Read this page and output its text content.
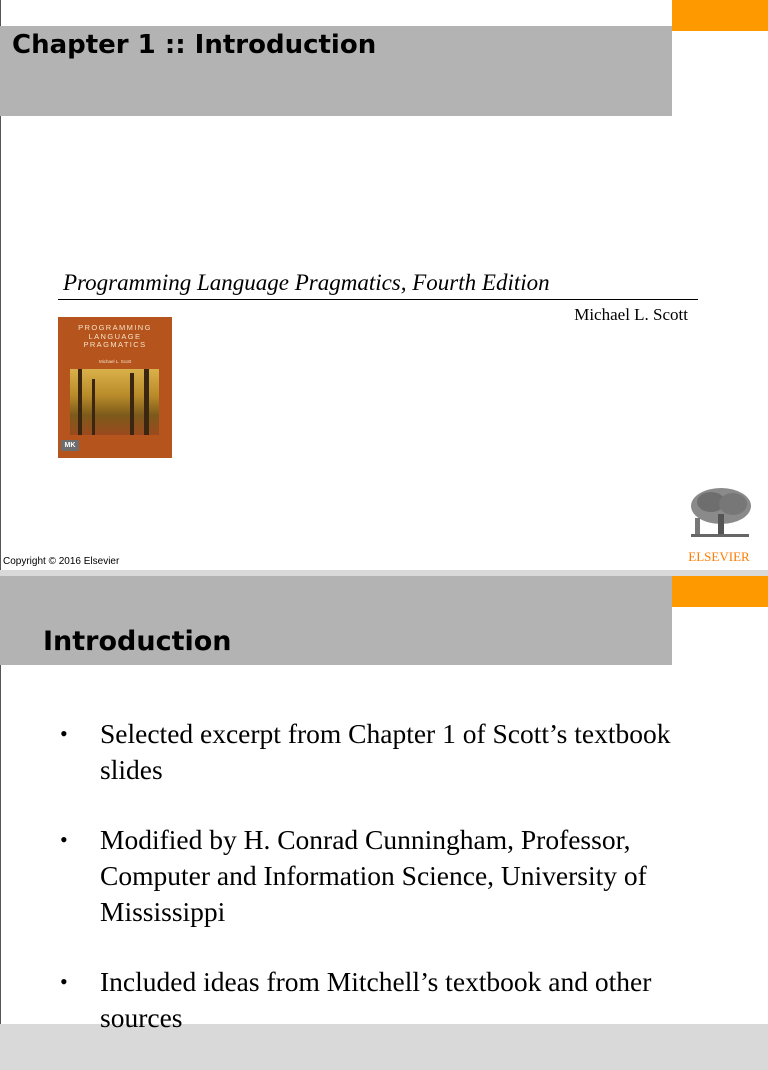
Chapter 1 :: Introduction
Programming Language Pragmatics, Fourth Edition
Michael L. Scott
PROGRAMMING
LANGUAGE
PRAGMATICS
Michael L. Scott
MK
ELSEVIER
Copyright © 2016 Elsevier
Introduction
• Selected excerpt from Chapter 1 of Scott’s textbook slides
• Modified by H. Conrad Cunningham, Professor, Computer and Information Science, University of Mississippi
• Included ideas from Mitchell’s textbook and other sources
